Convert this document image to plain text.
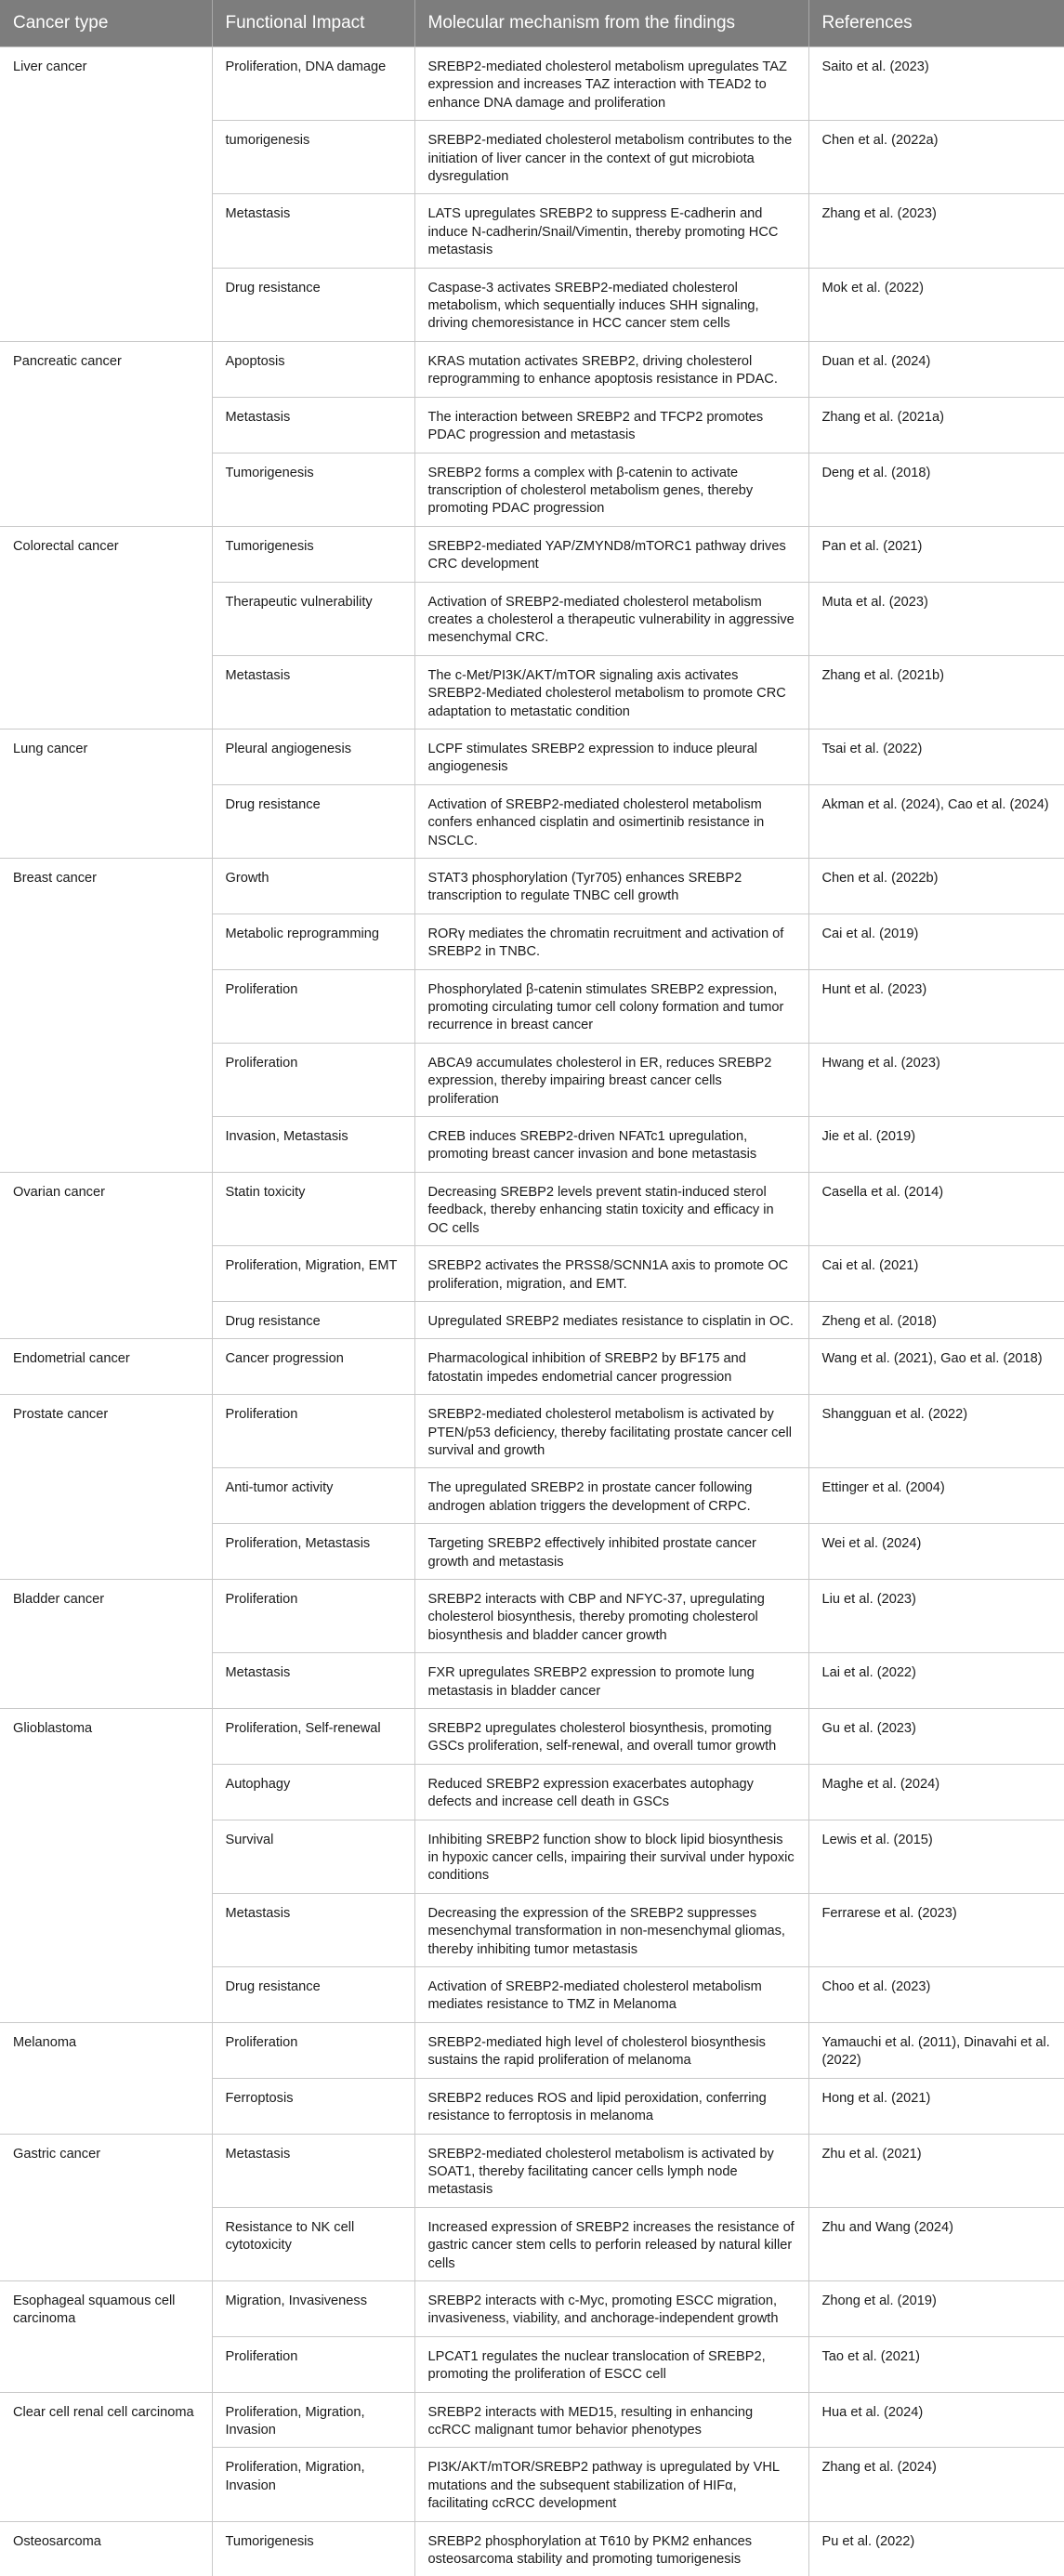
Cancer type	Functional Impact	Molecular mechanism from the findings	References
Liver cancer	Proliferation, DNA damage	SREBP2-mediated cholesterol metabolism upregulates TAZ expression and increases TAZ interaction with TEAD2 to enhance DNA damage and proliferation	Saito et al. (2023)
	tumorigenesis	SREBP2-mediated cholesterol metabolism contributes to the initiation of liver cancer in the context of gut microbiota dysregulation	Chen et al. (2022a)
	Metastasis	LATS upregulates SREBP2 to suppress E-cadherin and induce N-cadherin/Snail/Vimentin, thereby promoting HCC metastasis	Zhang et al. (2023)
	Drug resistance	Caspase-3 activates SREBP2-mediated cholesterol metabolism, which sequentially induces SHH signaling, driving chemoresistance in HCC cancer stem cells	Mok et al. (2022)
Pancreatic cancer	Apoptosis	KRAS mutation activates SREBP2, driving cholesterol reprogramming to enhance apoptosis resistance in PDAC.	Duan et al. (2024)
	Metastasis	The interaction between SREBP2 and TFCP2 promotes PDAC progression and metastasis	Zhang et al. (2021a)
	Tumorigenesis	SREBP2 forms a complex with β-catenin to activate transcription of cholesterol metabolism genes, thereby promoting PDAC progression	Deng et al. (2018)
Colorectal cancer	Tumorigenesis	SREBP2-mediated YAP/ZMYND8/mTORC1 pathway drives CRC development	Pan et al. (2021)
	Therapeutic vulnerability	Activation of SREBP2-mediated cholesterol metabolism creates a cholesterol a therapeutic vulnerability in aggressive mesenchymal CRC.	Muta et al. (2023)
	Metastasis	The c-Met/PI3K/AKT/mTOR signaling axis activates SREBP2-Mediated cholesterol metabolism to promote CRC adaptation to metastatic condition	Zhang et al. (2021b)
Lung cancer	Pleural angiogenesis	LCPF stimulates SREBP2 expression to induce pleural angiogenesis	Tsai et al. (2022)
	Drug resistance	Activation of SREBP2-mediated cholesterol metabolism confers enhanced cisplatin and osimertinib resistance in NSCLC.	Akman et al. (2024), Cao et al. (2024)
Breast cancer	Growth	STAT3 phosphorylation (Tyr705) enhances SREBP2 transcription to regulate TNBC cell growth	Chen et al. (2022b)
	Metabolic reprogramming	RORγ mediates the chromatin recruitment and activation of SREBP2 in TNBC.	Cai et al. (2019)
	Proliferation	Phosphorylated β-catenin stimulates SREBP2 expression, promoting circulating tumor cell colony formation and tumor recurrence in breast cancer	Hunt et al. (2023)
	Proliferation	ABCA9 accumulates cholesterol in ER, reduces SREBP2 expression, thereby impairing breast cancer cells proliferation	Hwang et al. (2023)
	Invasion, Metastasis	CREB induces SREBP2-driven NFATc1 upregulation, promoting breast cancer invasion and bone metastasis	Jie et al. (2019)
Ovarian cancer	Statin toxicity	Decreasing SREBP2 levels prevent statin-induced sterol feedback, thereby enhancing statin toxicity and efficacy in OC cells	Casella et al. (2014)
	Proliferation, Migration, EMT	SREBP2 activates the PRSS8/SCNN1A axis to promote OC proliferation, migration, and EMT.	Cai et al. (2021)
	Drug resistance	Upregulated SREBP2 mediates resistance to cisplatin in OC.	Zheng et al. (2018)
Endometrial cancer	Cancer progression	Pharmacological inhibition of SREBP2 by BF175 and fatostatin impedes endometrial cancer progression	Wang et al. (2021), Gao et al. (2018)
Prostate cancer	Proliferation	SREBP2-mediated cholesterol metabolism is activated by PTEN/p53 deficiency, thereby facilitating prostate cancer cell survival and growth	Shangguan et al. (2022)
	Anti-tumor activity	The upregulated SREBP2 in prostate cancer following androgen ablation triggers the development of CRPC.	Ettinger et al. (2004)
	Proliferation, Metastasis	Targeting SREBP2 effectively inhibited prostate cancer growth and metastasis	Wei et al. (2024)
Bladder cancer	Proliferation	SREBP2 interacts with CBP and NFYC-37, upregulating cholesterol biosynthesis, thereby promoting cholesterol biosynthesis and bladder cancer growth	Liu et al. (2023)
	Metastasis	FXR upregulates SREBP2 expression to promote lung metastasis in bladder cancer	Lai et al. (2022)
Glioblastoma	Proliferation, Self-renewal	SREBP2 upregulates cholesterol biosynthesis, promoting GSCs proliferation, self-renewal, and overall tumor growth	Gu et al. (2023)
	Autophagy	Reduced SREBP2 expression exacerbates autophagy defects and increase cell death in GSCs	Maghe et al. (2024)
	Survival	Inhibiting SREBP2 function show to block lipid biosynthesis in hypoxic cancer cells, impairing their survival under hypoxic conditions	Lewis et al. (2015)
	Metastasis	Decreasing the expression of the SREBP2 suppresses mesenchymal transformation in non-mesenchymal gliomas, thereby inhibiting tumor metastasis	Ferrarese et al. (2023)
	Drug resistance	Activation of SREBP2-mediated cholesterol metabolism mediates resistance to TMZ in Melanoma	Choo et al. (2023)
Melanoma	Proliferation	SREBP2-mediated high level of cholesterol biosynthesis sustains the rapid proliferation of melanoma	Yamauchi et al. (2011), Dinavahi et al. (2022)
	Ferroptosis	SREBP2 reduces ROS and lipid peroxidation, conferring resistance to ferroptosis in melanoma	Hong et al. (2021)
Gastric cancer	Metastasis	SREBP2-mediated cholesterol metabolism is activated by SOAT1, thereby facilitating cancer cells lymph node metastasis	Zhu et al. (2021)
	Resistance to NK cell cytotoxicity	Increased expression of SREBP2 increases the resistance of gastric cancer stem cells to perforin released by natural killer cells	Zhu and Wang (2024)
Esophageal squamous cell carcinoma	Migration, Invasiveness	SREBP2 interacts with c-Myc, promoting ESCC migration, invasiveness, viability, and anchorage-independent growth	Zhong et al. (2019)
	Proliferation	LPCAT1 regulates the nuclear translocation of SREBP2, promoting the proliferation of ESCC cell	Tao et al. (2021)
Clear cell renal cell carcinoma	Proliferation, Migration, Invasion	SREBP2 interacts with MED15, resulting in enhancing ccRCC malignant tumor behavior phenotypes	Hua et al. (2024)
	Proliferation, Migration, Invasion	PI3K/AKT/mTOR/SREBP2 pathway is upregulated by VHL mutations and the subsequent stabilization of HIFα, facilitating ccRCC development	Zhang et al. (2024)
Osteosarcoma	Tumorigenesis	SREBP2 phosphorylation at T610 by PKM2 enhances osteosarcoma stability and promoting tumorigenesis	Pu et al. (2022)
